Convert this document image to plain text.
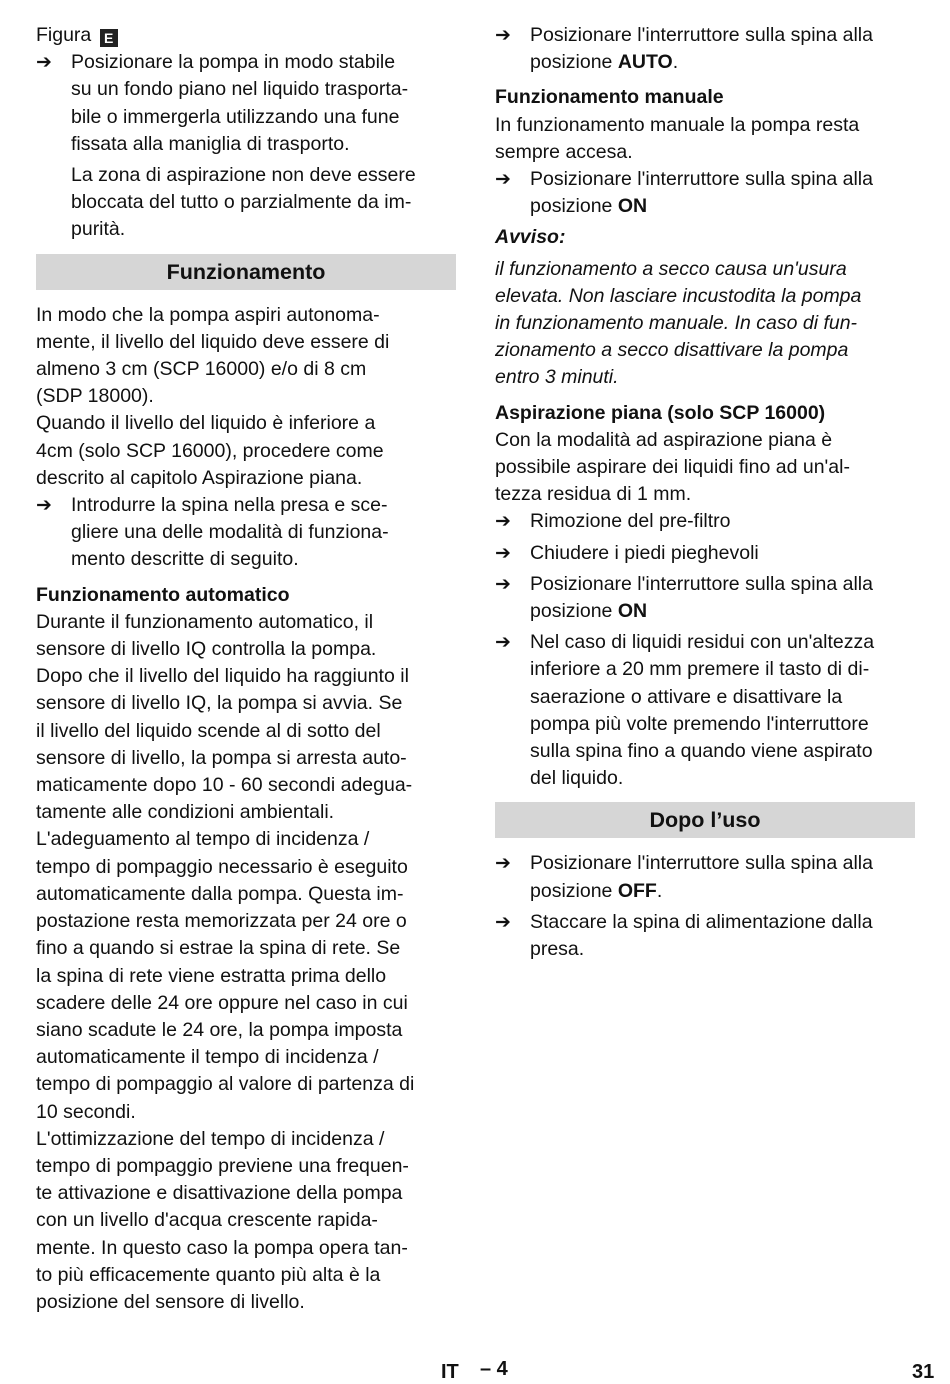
Figura E

➔ Posizionare la pompa in modo stabile
su un fondo piano nel liquido trasporta-
bile o immergerla utilizzando una fune
fissata alla maniglia di trasporto.
La zona di aspirazione non deve essere
bloccata del tutto o parzialmente da im-
purità.
Funzionamento
In modo che la pompa aspiri autonoma-
mente, il livello del liquido deve essere di
almeno 3 cm (SCP 16000) e/o di 8 cm
(SDP 18000).
Quando il livello del liquido è inferiore a
4cm (solo SCP 16000), procedere come
descrito al capitolo Aspirazione piana.
➔ Introdurre la spina nella presa e sce-
gliere una delle modalità di funziona-
mento descritte di seguito.

Funzionamento automatico

Durante il funzionamento automatico, il
sensore di livello IQ controlla la pompa.
Dopo che il livello del liquido ha raggiunto il
sensore di livello IQ, la pompa si avvia. Se
il livello del liquido scende al di sotto del
sensore di livello, la pompa si arresta auto-
maticamente dopo 10 - 60 secondi adegua-
tamente alle condizioni ambientali.
L'adeguamento al tempo di incidenza /
tempo di pompaggio necessario è eseguito
automaticamente dalla pompa. Questa im-
postazione resta memorizzata per 24 ore o
fino a quando si estrae la spina di rete. Se
la spina di rete viene estratta prima dello
scadere delle 24 ore oppure nel caso in cui
siano scadute le 24 ore, la pompa imposta
automaticamente il tempo di incidenza /
tempo di pompaggio al valore di partenza di
10 secondi.
L'ottimizzazione del tempo di incidenza /
tempo di pompaggio previene una frequen-
te attivazione e disattivazione della pompa
con un livello d'acqua crescente rapida-
mente. In questo caso la pompa opera tan-
to più efficacemente quanto più alta è la
posizione del sensore di livello.
➔ Posizionare l'interruttore sulla spina alla
posizione AUTO.

Funzionamento manuale

In funzionamento manuale la pompa resta
sempre accesa.
➔ Posizionare l'interruttore sulla spina alla
posizione ON

Avviso:

il funzionamento a secco causa un'usura
elevata. Non lasciare incustodita la pompa
in funzionamento manuale. In caso di fun-
zionamento a secco disattivare la pompa
entro 3 minuti.

Aspirazione piana (solo SCP 16000)

Con la modalità ad aspirazione piana è
possibile aspirare dei liquidi fino ad un'al-
tezza residua di 1 mm.
➔ Rimozione del pre-filtro
➔ Chiudere i piedi pieghevoli
➔ Posizionare l'interruttore sulla spina alla
posizione ON
➔ Nel caso di liquidi residui con un'altezza
inferiore a 20 mm premere il tasto di di-
saerazione o attivare e disattivare la
pompa più volte premendo l'interruttore
sulla spina fino a quando viene aspirato
del liquido.
Dopo l’uso
➔ Posizionare l'interruttore sulla spina alla
posizione OFF.
➔ Staccare la spina di alimentazione dalla
presa.
IT – 4	31
